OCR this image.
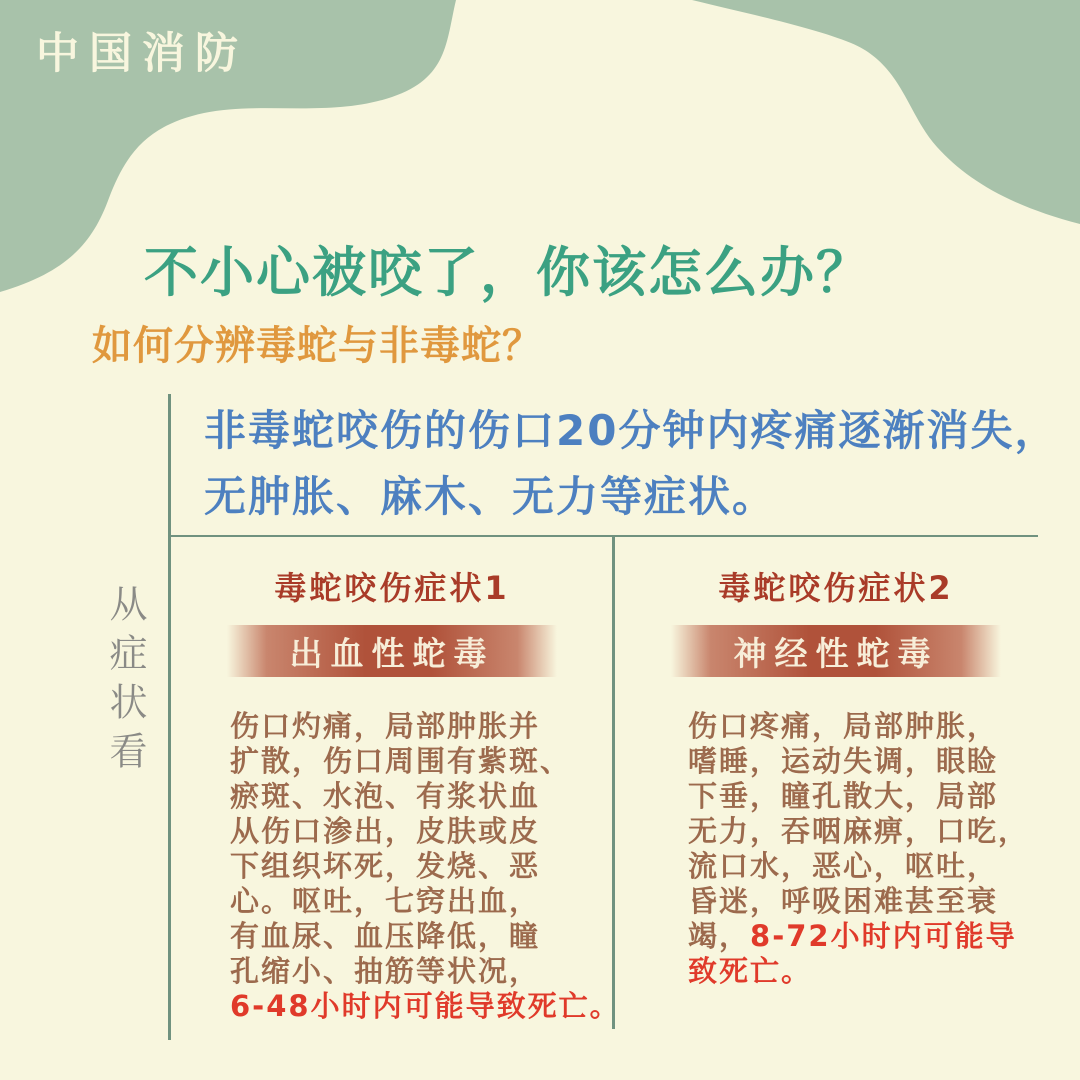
中国消防
不小心被咬了，你该怎么办？
如何分辨毒蛇与非毒蛇？
非毒蛇咬伤的伤口20分钟内疼痛逐渐消失，
无肿胀、麻木、无力等症状。
从症状看	毒蛇咬伤症状1
出血性蛇毒
伤口灼痛，局部肿胀并
扩散，伤口周围有紫斑、
瘀斑、水泡、有浆状血
从伤口渗出，皮肤或皮
下组织坏死，发烧、恶
心。呕吐，七窍出血，
有血尿、血压降低，瞳
孔缩小、抽筋等状况，
6-48小时内可能导致死亡。
毒蛇咬伤症状2
神经性蛇毒
伤口疼痛，局部肿胀，
嗜睡，运动失调，眼睑
下垂，瞳孔散大，局部
无力，吞咽麻痹，口吃，
流口水，恶心，呕吐，
昏迷，呼吸困难甚至衰
竭，8-72小时内可能导
致死亡。
